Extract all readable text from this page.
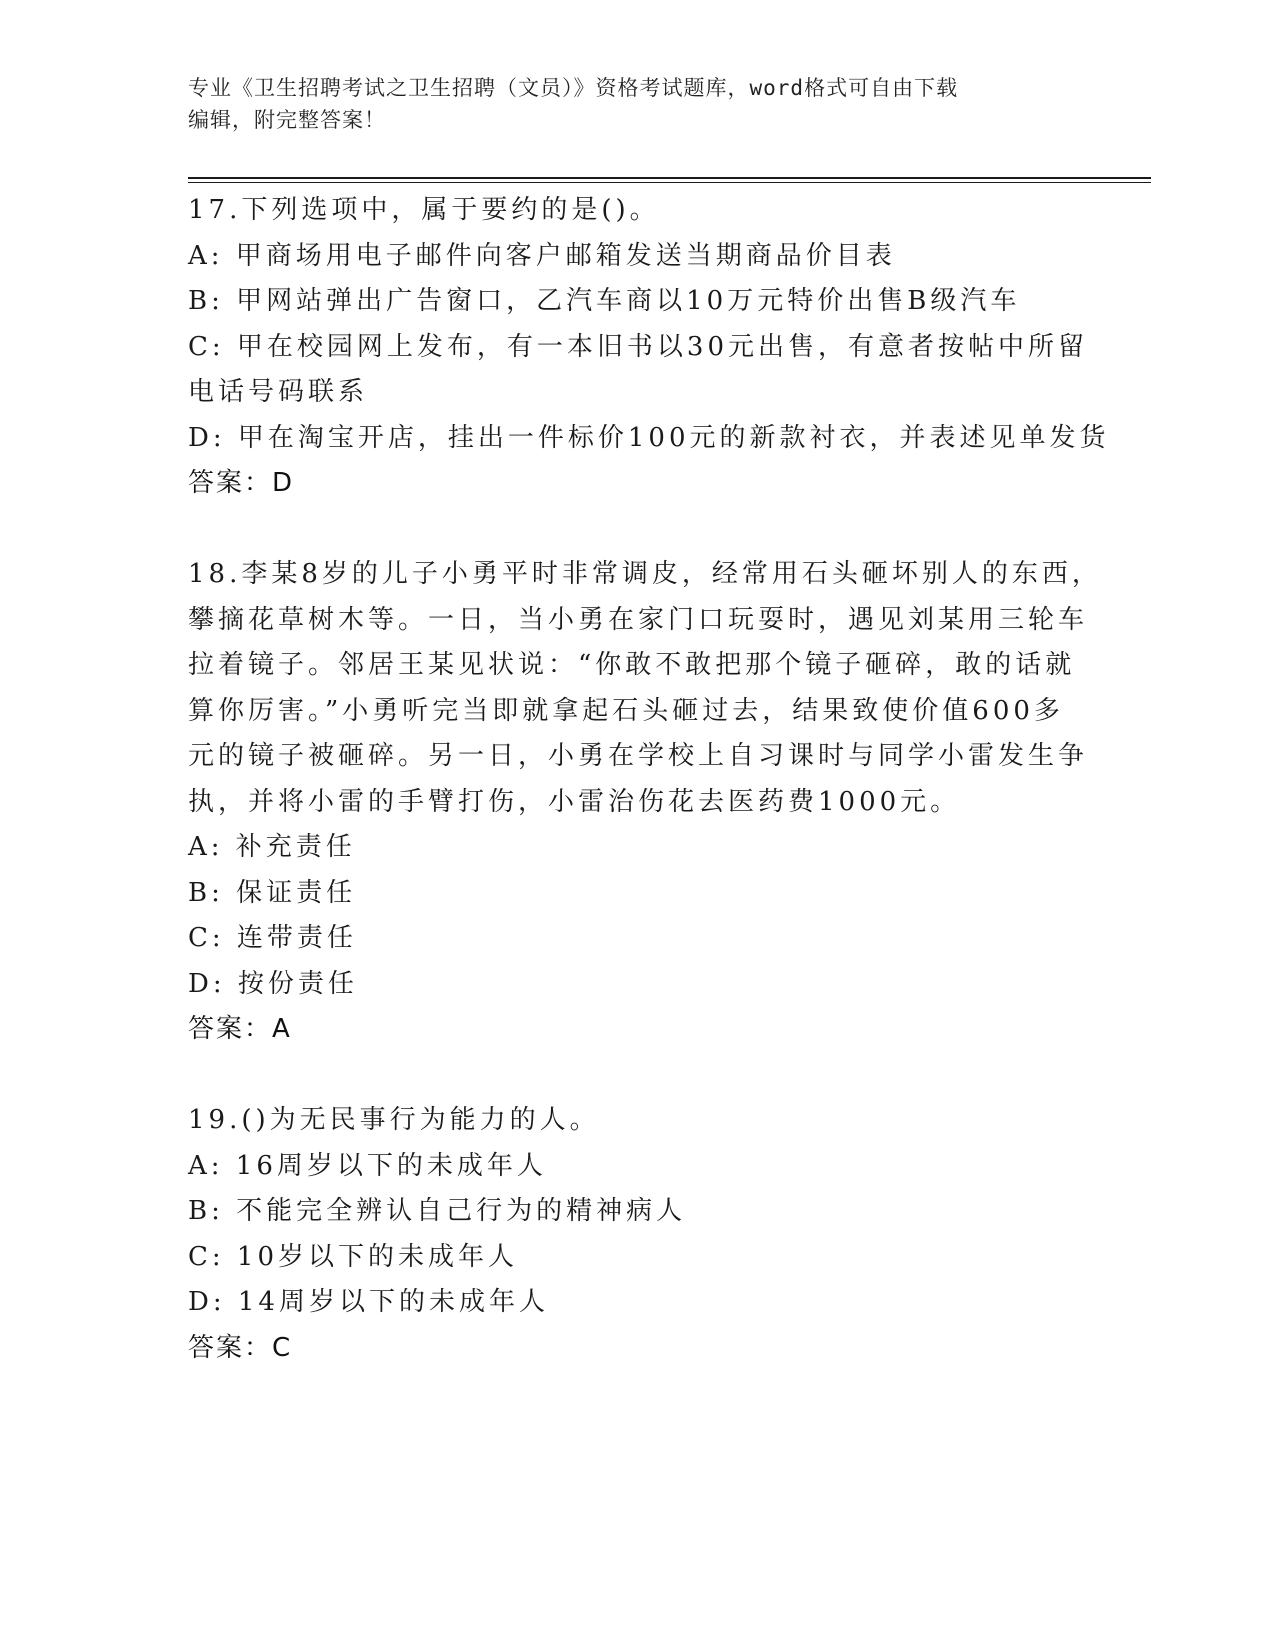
专业《卫生招聘考试之卫生招聘（文员）》资格考试题库，word格式可自由下载
编辑，附完整答案！
17.下列选项中，属于要约的是()。
A: 甲商场用电子邮件向客户邮箱发送当期商品价目表
B: 甲网站弹出广告窗口，乙汽车商以10万元特价出售B级汽车
C: 甲在校园网上发布，有一本旧书以30元出售，有意者按帖中所留
电话号码联系
D: 甲在淘宝开店，挂出一件标价100元的新款衬衣，并表述见单发货
答案：D
18.李某8岁的儿子小勇平时非常调皮，经常用石头砸坏别人的东西，
攀摘花草树木等。一日，当小勇在家门口玩耍时，遇见刘某用三轮车
拉着镜子。邻居王某见状说：“你敢不敢把那个镜子砸碎，敢的话就
算你厉害。”小勇听完当即就拿起石头砸过去，结果致使价值600多
元的镜子被砸碎。另一日，小勇在学校上自习课时与同学小雷发生争
执，并将小雷的手臂打伤，小雷治伤花去医药费1000元。
A: 补充责任
B: 保证责任
C: 连带责任
D: 按份责任
答案：A
19.()为无民事行为能力的人。
A: 16周岁以下的未成年人
B: 不能完全辨认自己行为的精神病人
C: 10岁以下的未成年人
D: 14周岁以下的未成年人
答案：C
